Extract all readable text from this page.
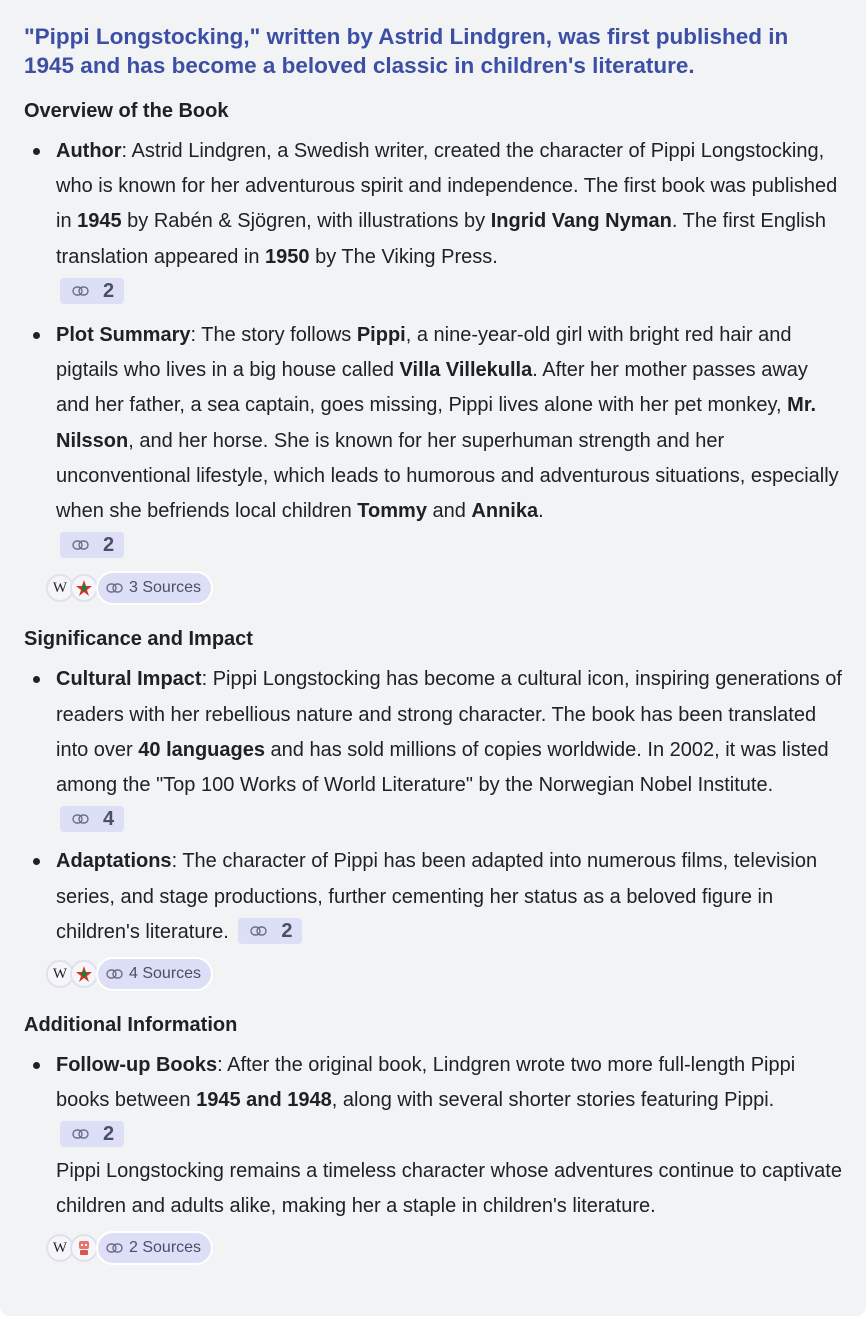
"Pippi Longstocking," written by Astrid Lindgren, was first published in 1945 and has become a beloved classic in children's literature.
Overview of the Book
Author: Astrid Lindgren, a Swedish writer, created the character of Pippi Longstocking, who is known for her adventurous spirit and independence. The first book was published in 1945 by Rabén & Sjögren, with illustrations by Ingrid Vang Nyman. The first English translation appeared in 1950 by The Viking Press.

2
Plot Summary: The story follows Pippi, a nine-year-old girl with bright red hair and pigtails who lives in a big house called Villa Villekulla. After her mother passes away and her father, a sea captain, goes missing, Pippi lives alone with her pet monkey, Mr. Nilsson, and her horse. She is known for her superhuman strength and her unconventional lifestyle, which leads to humorous and adventurous situations, especially when she befriends local children Tommy and Annika.

2
W	3 Sources
Significance and Impact
Cultural Impact: Pippi Longstocking has become a cultural icon, inspiring generations of readers with her rebellious nature and strong character. The book has been translated into over 40 languages and has sold millions of copies worldwide. In 2002, it was listed among the "Top 100 Works of World Literature" by the Norwegian Nobel Institute.
4
Adaptations: The character of Pippi has been adapted into numerous films, television series, and stage productions, further cementing her status as a beloved figure in children's literature.	2
W	4 Sources
Additional Information
Follow-up Books: After the original book, Lindgren wrote two more full-length Pippi books between 1945 and 1948, along with several shorter stories featuring Pippi.
2
Pippi Longstocking remains a timeless character whose adventures continue to captivate children and adults alike, making her a staple in children's literature.
W	2 Sources
